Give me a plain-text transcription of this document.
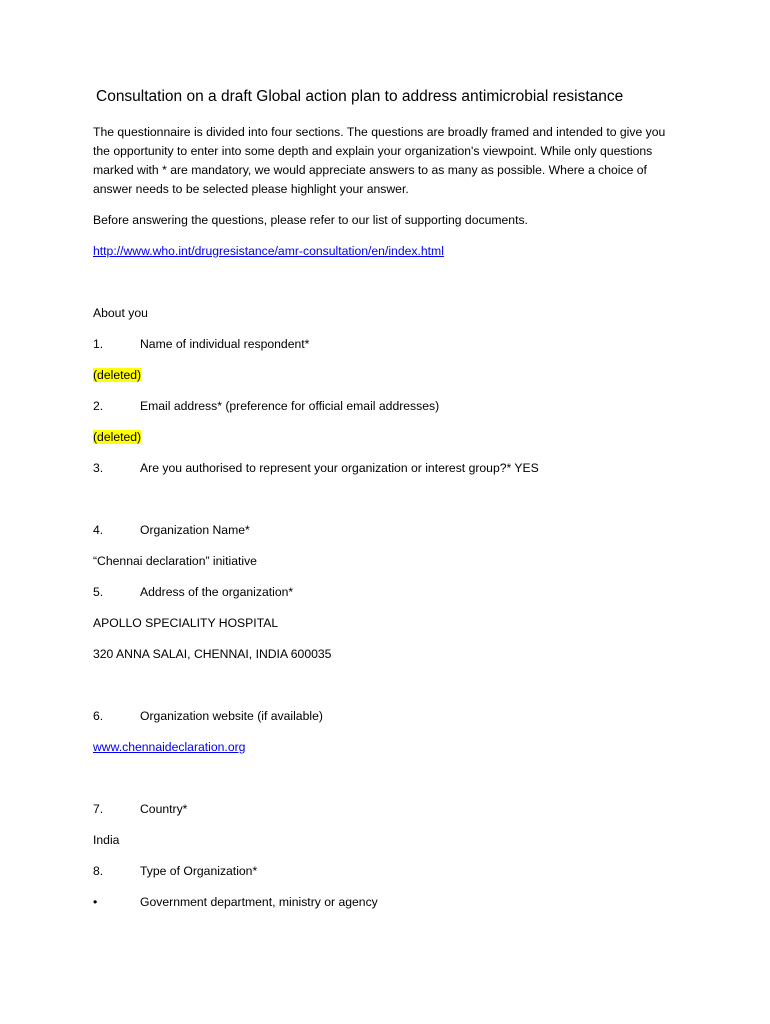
Consultation on a draft Global action plan to address antimicrobial resistance
The questionnaire is divided into four sections. The questions are broadly framed and intended to give you the opportunity to enter into some depth and explain your organization's viewpoint. While only questions marked with * are mandatory, we would appreciate answers to as many as possible. Where a choice of answer needs to be selected please highlight your answer.
Before answering the questions, please refer to our list of supporting documents.
http://www.who.int/drugresistance/amr-consultation/en/index.html
About you
1.	Name of individual respondent*
(deleted)
2.	Email address* (preference for official email addresses)
(deleted)
3.	Are you authorised to represent your organization or interest group?* YES
4.	Organization Name*
“Chennai declaration” initiative
5.	Address of the organization*
APOLLO SPECIALITY HOSPITAL
320 ANNA SALAI, CHENNAI, INDIA 600035
6.	Organization website (if available)
www.chennaideclaration.org
7.	Country*
India
8.	Type of Organization*
•	Government department, ministry or agency
